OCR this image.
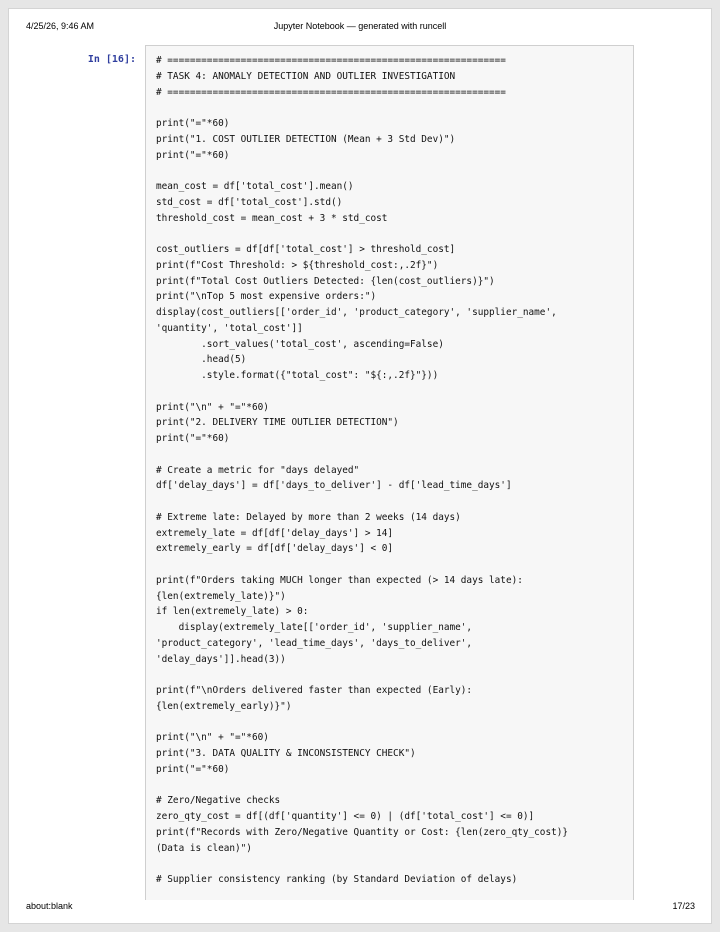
4/25/26, 9:46 AM	Jupyter Notebook — generated with runcell
In [16]: # ============================================================
# TASK 4: ANOMALY DETECTION AND OUTLIER INVESTIGATION
# ============================================================
print("="*60)
print("1. COST OUTLIER DETECTION (Mean + 3 Std Dev)")
print("="*60)
mean_cost = df['total_cost'].mean()
std_cost = df['total_cost'].std()
threshold_cost = mean_cost + 3 * std_cost
cost_outliers = df[df['total_cost'] > threshold_cost]
print(f"Cost Threshold: > ${threshold_cost:,.2f}")
print(f"Total Cost Outliers Detected: {len(cost_outliers)}")
print("\nTop 5 most expensive orders:")
display(cost_outliers[['order_id', 'product_category', 'supplier_name',
'quantity', 'total_cost']]
.sort_values('total_cost', ascending=False)
.head(5)
.style.format({"total_cost": "${:,.2f}"}))
print("\n" + "="*60)
print("2. DELIVERY TIME OUTLIER DETECTION")
print("="*60)
# Create a metric for "days delayed"
df['delay_days'] = df['days_to_deliver'] - df['lead_time_days']
# Extreme late: Delayed by more than 2 weeks (14 days)
extremely_late = df[df['delay_days'] > 14]
extremely_early = df[df['delay_days'] < 0]
print(f"Orders taking MUCH longer than expected (> 14 days late):
{len(extremely_late)}")
if len(extremely_late) > 0:
display(extremely_late[['order_id', 'supplier_name',
'product_category', 'lead_time_days', 'days_to_deliver',
'delay_days']].head(3))
print(f"\nOrders delivered faster than expected (Early):
{len(extremely_early)}")
print("\n" + "="*60)
print("3. DATA QUALITY & INCONSISTENCY CHECK")
print("="*60)
# Zero/Negative checks
zero_qty_cost = df[(df['quantity'] <= 0) | (df['total_cost'] <= 0)]
print(f"Records with Zero/Negative Quantity or Cost: {len(zero_qty_cost)}
(Data is clean)")
# Supplier consistency ranking (by Standard Deviation of delays)
about:blank	17/23
